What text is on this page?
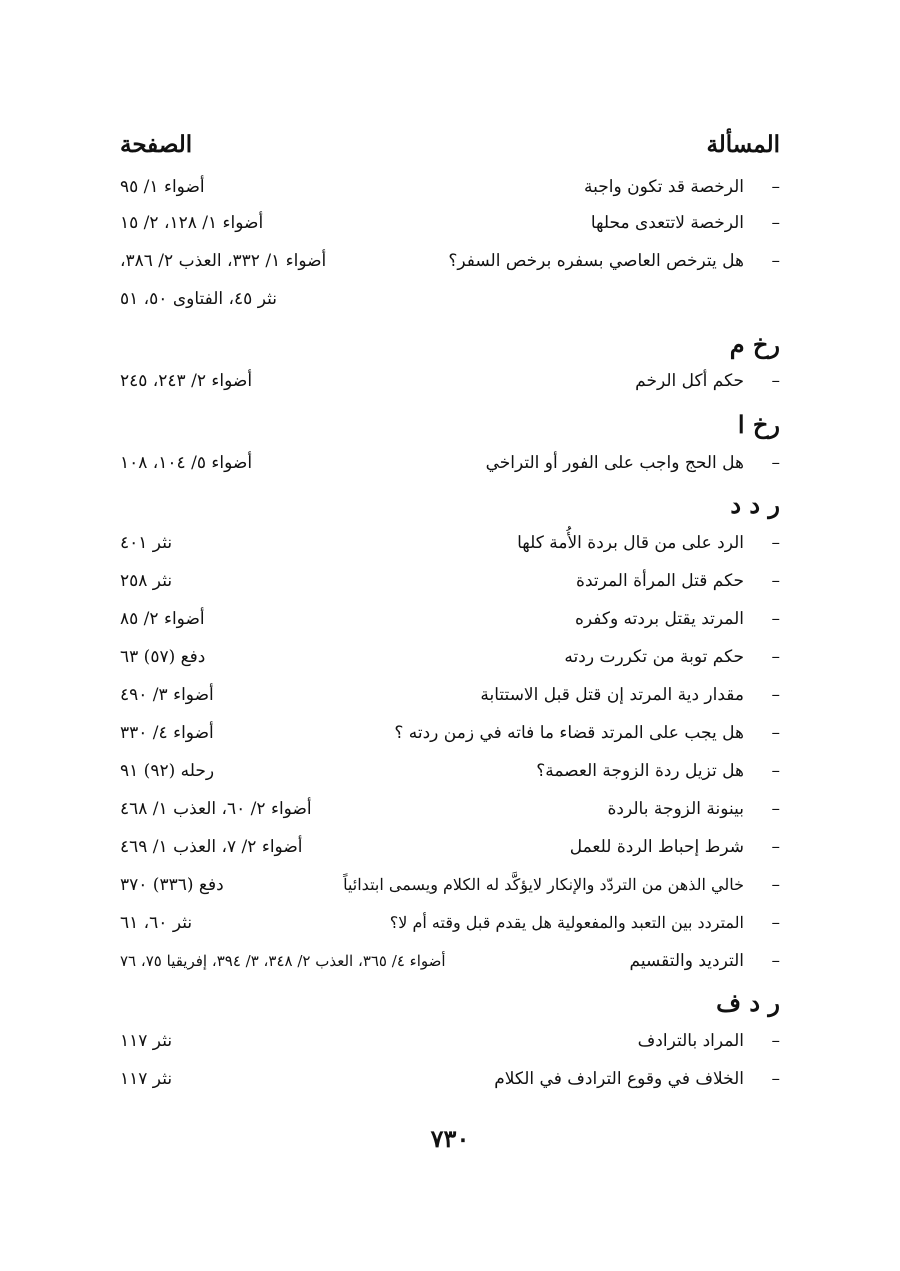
المسألة
الصفحة
–
الرخصة قد تكون واجبة
أضواء ١/ ٩٥
–
الرخصة لاتتعدى محلها
أضواء ١/ ١٢٨، ٢/ ١٥
–
هل يترخص العاصي بسفره برخص السفر؟
أضواء ١/ ٣٣٢، العذب ٢/ ٣٨٦،
نثر ٤٥، الفتاوى ٥٠، ٥١
رخ م
–
حكم أكل الرخم
أضواء ٢/ ٢٤٣، ٢٤٥
رخ ا
–
هل الحج واجب على الفور أو التراخي
أضواء ٥/ ١٠٤، ١٠٨
ر د د
–
الرد على من قال بردة الأُمة كلها
نثر ٤٠١
–
حكم قتل المرأة المرتدة
نثر ٢٥٨
–
المرتد يقتل بردته وكفره
أضواء ٢/ ٨٥
–
حكم توبة من تكررت ردته
دفع (٥٧) ٦٣
–
مقدار دية المرتد إن قتل قبل الاستتابة
أضواء ٣/ ٤٩٠
–
هل يجب على المرتد قضاء ما فاته في زمن ردته ؟
أضواء ٤/ ٣٣٠
–
هل تزيل ردة الزوجة العصمة؟
رحله (٩٢) ٩١
–
بينونة الزوجة بالردة
أضواء ٢/ ٦٠، العذب ١/ ٤٦٨
–
شرط إحباط الردة للعمل
أضواء ٢/ ٧، العذب ١/ ٤٦٩
–
خالي الذهن من التردّد والإنكار لايؤكَّد له الكلام ويسمى ابتدائياً
دفع (٣٣٦) ٣٧٠
–
المتردد بين التعبد والمفعولية هل يقدم قبل وقته أم لا؟
نثر ٦٠، ٦١
–
الترديد والتقسيم
أضواء ٤/ ٣٦٥، العذب ٢/ ٣٤٨، ٣/ ٣٩٤، إفريقيا ٧٥، ٧٦
ر د ف
–
المراد بالترادف
نثر ١١٧
–
الخلاف في وقوع الترادف في الكلام
نثر ١١٧
٧٣٠
